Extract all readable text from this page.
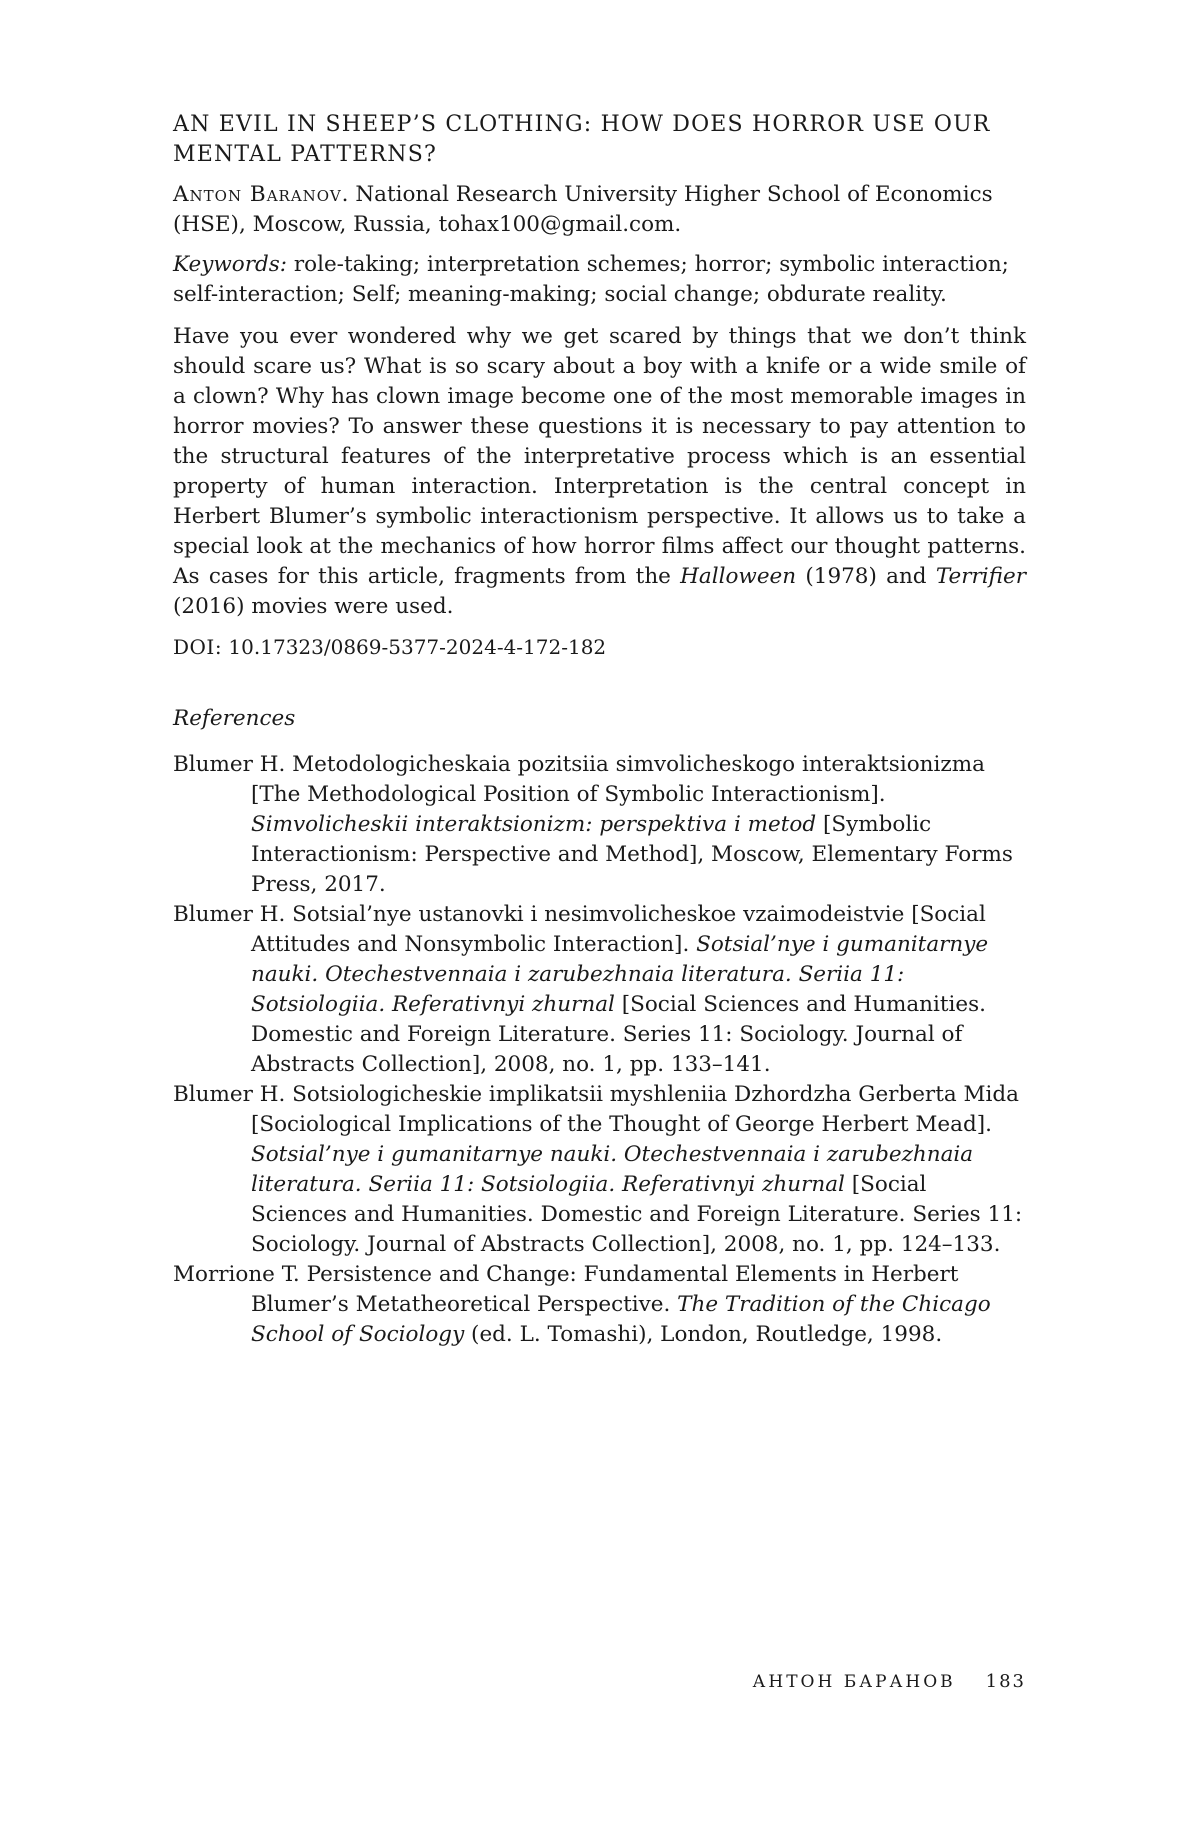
AN EVIL IN SHEEP’S CLOTHING: HOW DOES HORROR USE OUR MENTAL PATTERNS?

Anton Baranov. National Research University Higher School of Economics (HSE), Moscow, Russia, tohax100@gmail.com.

Keywords: role-taking; interpretation schemes; horror; symbolic interaction; self-interaction; Self; meaning-making; social change; obdurate reality.

Have you ever wondered why we get scared by things that we don’t think should scare us? What is so scary about a boy with a knife or a wide smile of a clown? Why has clown image become one of the most memorable images in horror movies? To answer these questions it is necessary to pay attention to the structural features of the interpretative process which is an essential property of human interaction. Interpretation is the central concept in Herbert Blumer’s symbolic interactionism perspective. It allows us to take a special look at the mechanics of how horror films affect our thought patterns. As cases for this article, fragments from the Halloween (1978) and Terrifier (2016) movies were used.

DOI: 10.17323/0869-5377-2024-4-172-182

References
Blumer H. Metodologicheskaia pozitsiia simvolicheskogo interaktsionizma [The Methodological Position of Symbolic Interactionism]. Simvolicheskii interaktsionizm: perspektiva i metod [Symbolic Interactionism: Perspective and Method], Moscow, Elementary Forms Press, 2017.
Blumer H. Sotsial’nye ustanovki i nesimvolicheskoe vzaimodeistvie [Social Attitudes and Nonsymbolic Interaction]. Sotsial’nye i gumanitarnye nauki. Otechestvennaia i zarubezhnaia literatura. Seriia 11: Sotsiologiia. Referativnyi zhurnal [Social Sciences and Humanities. Domestic and Foreign Literature. Series 11: Sociology. Journal of Abstracts Collection], 2008, no. 1, pp. 133–141.
Blumer H. Sotsiologicheskie implikatsii myshleniia Dzhordzha Gerberta Mida [Sociological Implications of the Thought of George Herbert Mead]. Sotsial’nye i gumanitarnye nauki. Otechestvennaia i zarubezhnaia literatura. Seriia 11: Sotsiologiia. Referativnyi zhurnal [Social Sciences and Humanities. Domestic and Foreign Literature. Series 11: Sociology. Journal of Abstracts Collection], 2008, no. 1, pp. 124–133.
Morrione T. Persistence and Change: Fundamental Elements in Herbert Blumer’s Metatheoretical Perspective. The Tradition of the Chicago School of Sociology (ed. L. Tomashi), London, Routledge, 1998.
АНТОН БАРАНОВ 183
